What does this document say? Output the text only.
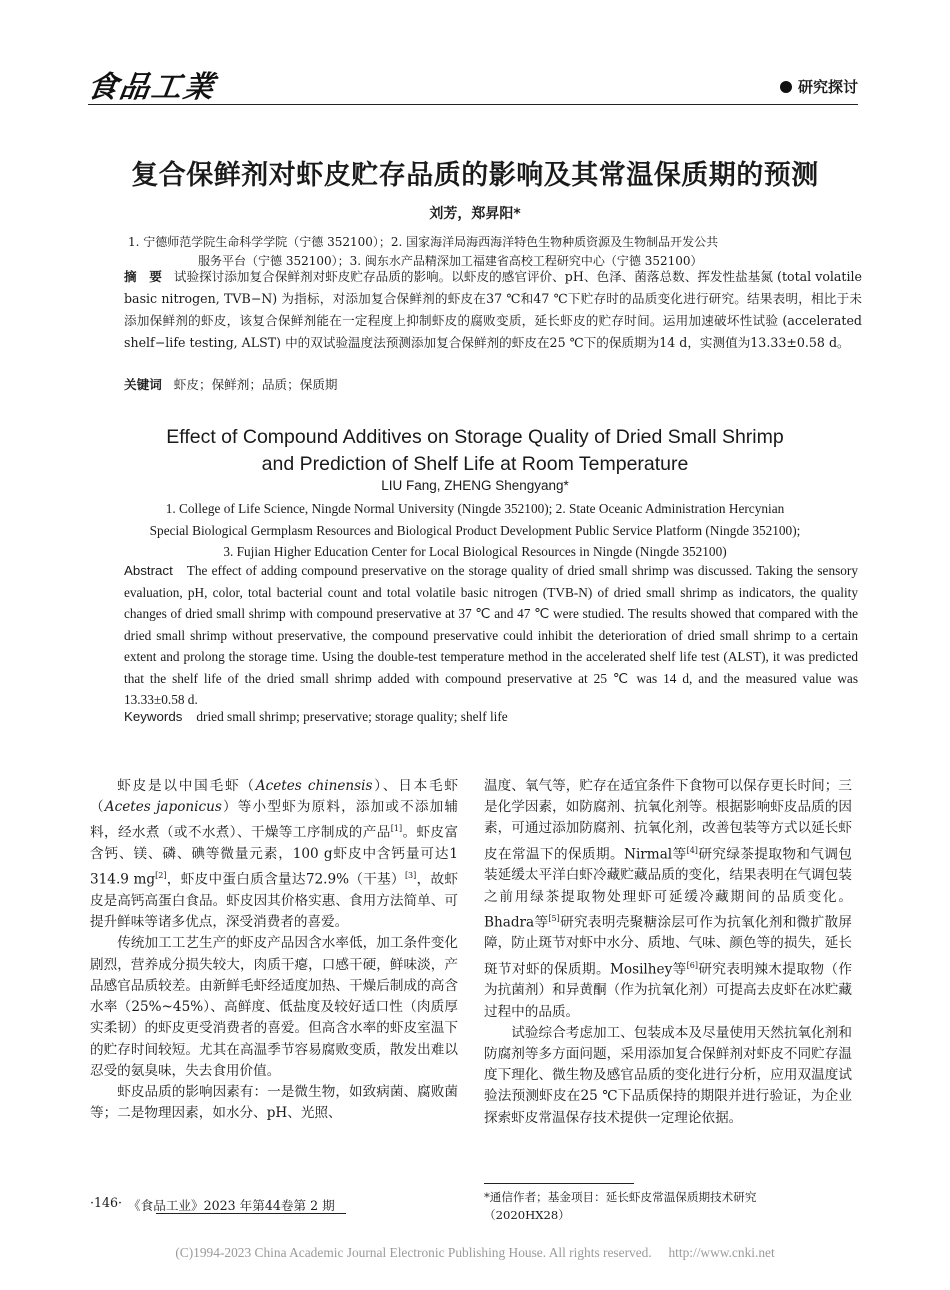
食品工業	研究探讨
复合保鲜剂对虾皮贮存品质的影响及其常温保质期的预测
刘芳，郑昇阳*
1. 宁德师范学院生命科学学院（宁德 352100）；2. 国家海洋局海西海洋特色生物种质资源及生物制品开发公共
服务平台（宁德 352100）；3. 闽东水产品精深加工福建省高校工程研究中心（宁德 352100）
摘　要 试验探讨添加复合保鲜剂对虾皮贮存品质的影响。以虾皮的感官评价、pH、色泽、菌落总数、挥发性盐基氮 (total volatile basic nitrogen, TVB−N) 为指标，对添加复合保鲜剂的虾皮在37 ℃和47 ℃下贮存时的品质变化进行研究。结果表明，相比于未添加保鲜剂的虾皮，该复合保鲜剂能在一定程度上抑制虾皮的腐败变质，延长虾皮的贮存时间。运用加速破坏性试验 (accelerated shelf−life testing, ALST) 中的双试验温度法预测添加复合保鲜剂的虾皮在25 ℃下的保质期为14 d，实测值为13.33±0.58 d。
关键词 虾皮；保鲜剂；品质；保质期
Effect of Compound Additives on Storage Quality of Dried Small Shrimp
and Prediction of Shelf Life at Room Temperature
LIU Fang, ZHENG Shengyang*
1. College of Life Science, Ningde Normal University (Ningde 352100); 2. State Oceanic Administration Hercynian
Special Biological Germplasm Resources and Biological Product Development Public Service Platform (Ningde 352100);
3. Fujian Higher Education Center for Local Biological Resources in Ningde (Ningde 352100)
Abstract The effect of adding compound preservative on the storage quality of dried small shrimp was discussed. Taking the sensory evaluation, pH, color, total bacterial count and total volatile basic nitrogen (TVB-N) of dried small shrimp as indicators, the quality changes of dried small shrimp with compound preservative at 37 ℃ and 47 ℃ were studied. The results showed that compared with the dried small shrimp without preservative, the compound preservative could inhibit the deterioration of dried small shrimp to a certain extent and prolong the storage time. Using the double-test temperature method in the accelerated shelf life test (ALST), it was predicted that the shelf life of the dried small shrimp added with compound preservative at 25 ℃ was 14 d, and the measured value was 13.33±0.58 d.
Keywords dried small shrimp; preservative; storage quality; shelf life

虾皮是以中国毛虾（Acetes chinensis）、日本毛虾（Acetes japonicus）等小型虾为原料，添加或不添加辅料，经水煮（或不水煮）、干燥等工序制成的产品[1]。虾皮富含钙、镁、磷、碘等微量元素，100 g虾皮中含钙量可达1 314.9 mg[2]，虾皮中蛋白质含量达72.9%（干基）[3]，故虾皮是高钙高蛋白食品。虾皮因其价格实惠、食用方法简单、可提升鲜味等诸多优点，深受消费者的喜爱。

传统加工工艺生产的虾皮产品因含水率低，加工条件变化剧烈，营养成分损失较大，肉质干瘪，口感干硬，鲜味淡，产品感官品质较差。由新鲜毛虾经适度加热、干燥后制成的高含水率（25%~45%）、高鲜度、低盐度及较好适口性（肉质厚实柔韧）的虾皮更受消费者的喜爱。但高含水率的虾皮室温下的贮存时间较短。尤其在高温季节容易腐败变质，散发出难以忍受的氨臭味，失去食用价值。

虾皮品质的影响因素有：一是微生物，如致病菌、腐败菌等；二是物理因素，如水分、pH、光照、

温度、氧气等，贮存在适宜条件下食物可以保存更长时间；三是化学因素，如防腐剂、抗氧化剂等。根据影响虾皮品质的因素，可通过添加防腐剂、抗氧化剂，改善包装等方式以延长虾皮在常温下的保质期。Nirmal等[4]研究绿茶提取物和气调包装延缓太平洋白虾冷藏贮藏品质的变化，结果表明在气调包装之前用绿茶提取物处理虾可延缓冷藏期间的品质变化。Bhadra等[5]研究表明壳聚糖涂层可作为抗氧化剂和微扩散屏障，防止斑节对虾中水分、质地、气味、颜色等的损失，延长斑节对虾的保质期。Mosilhey等[6]研究表明辣木提取物（作为抗菌剂）和异黄酮（作为抗氧化剂）可提高去皮虾在冰贮藏过程中的品质。

试验综合考虑加工、包装成本及尽量使用天然抗氧化剂和防腐剂等多方面问题，采用添加复合保鲜剂对虾皮不同贮存温度下理化、微生物及感官品质的变化进行分析，应用双温度试验法预测虾皮在25 ℃下品质保持的期限并进行验证，为企业探索虾皮常温保存技术提供一定理论依据。

*通信作者；基金项目：延长虾皮常温保质期技术研究
（2020HX28）
·146· 《食品工业》2023 年第44卷第 2 期
(C)1994-2023 China Academic Journal Electronic Publishing House. All rights reserved.　 http://www.cnki.net
